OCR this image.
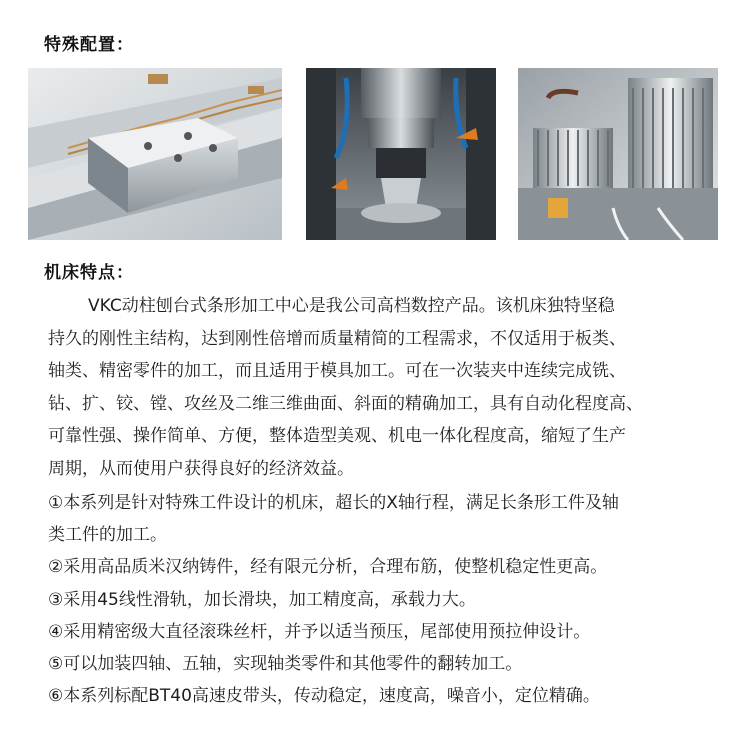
特殊配置：
机床特点：
VKC动柱刨台式条形加工中心是我公司高档数控产品。该机床独特坚稳
持久的刚性主结构，达到刚性倍增而质量精简的工程需求，不仅适用于板类、
轴类、精密零件的加工，而且适用于模具加工。可在一次装夹中连续完成铣、
钻、扩、铰、镗、攻丝及二维三维曲面、斜面的精确加工，具有自动化程度高、
可靠性强、操作简单、方便，整体造型美观、机电一体化程度高，缩短了生产
周期，从而使用户获得良好的经济效益。
①本系列是针对特殊工件设计的机床，超长的X轴行程，满足长条形工件及轴
类工件的加工。
②采用高品质米汉纳铸件，经有限元分析，合理布筋，使整机稳定性更高。
③采用45线性滑轨，加长滑块，加工精度高，承载力大。
④采用精密级大直径滚珠丝杆，并予以适当预压，尾部使用预拉伸设计。
⑤可以加装四轴、五轴，实现轴类零件和其他零件的翻转加工。
⑥本系列标配BT40高速皮带头，传动稳定，速度高，噪音小，定位精确。
